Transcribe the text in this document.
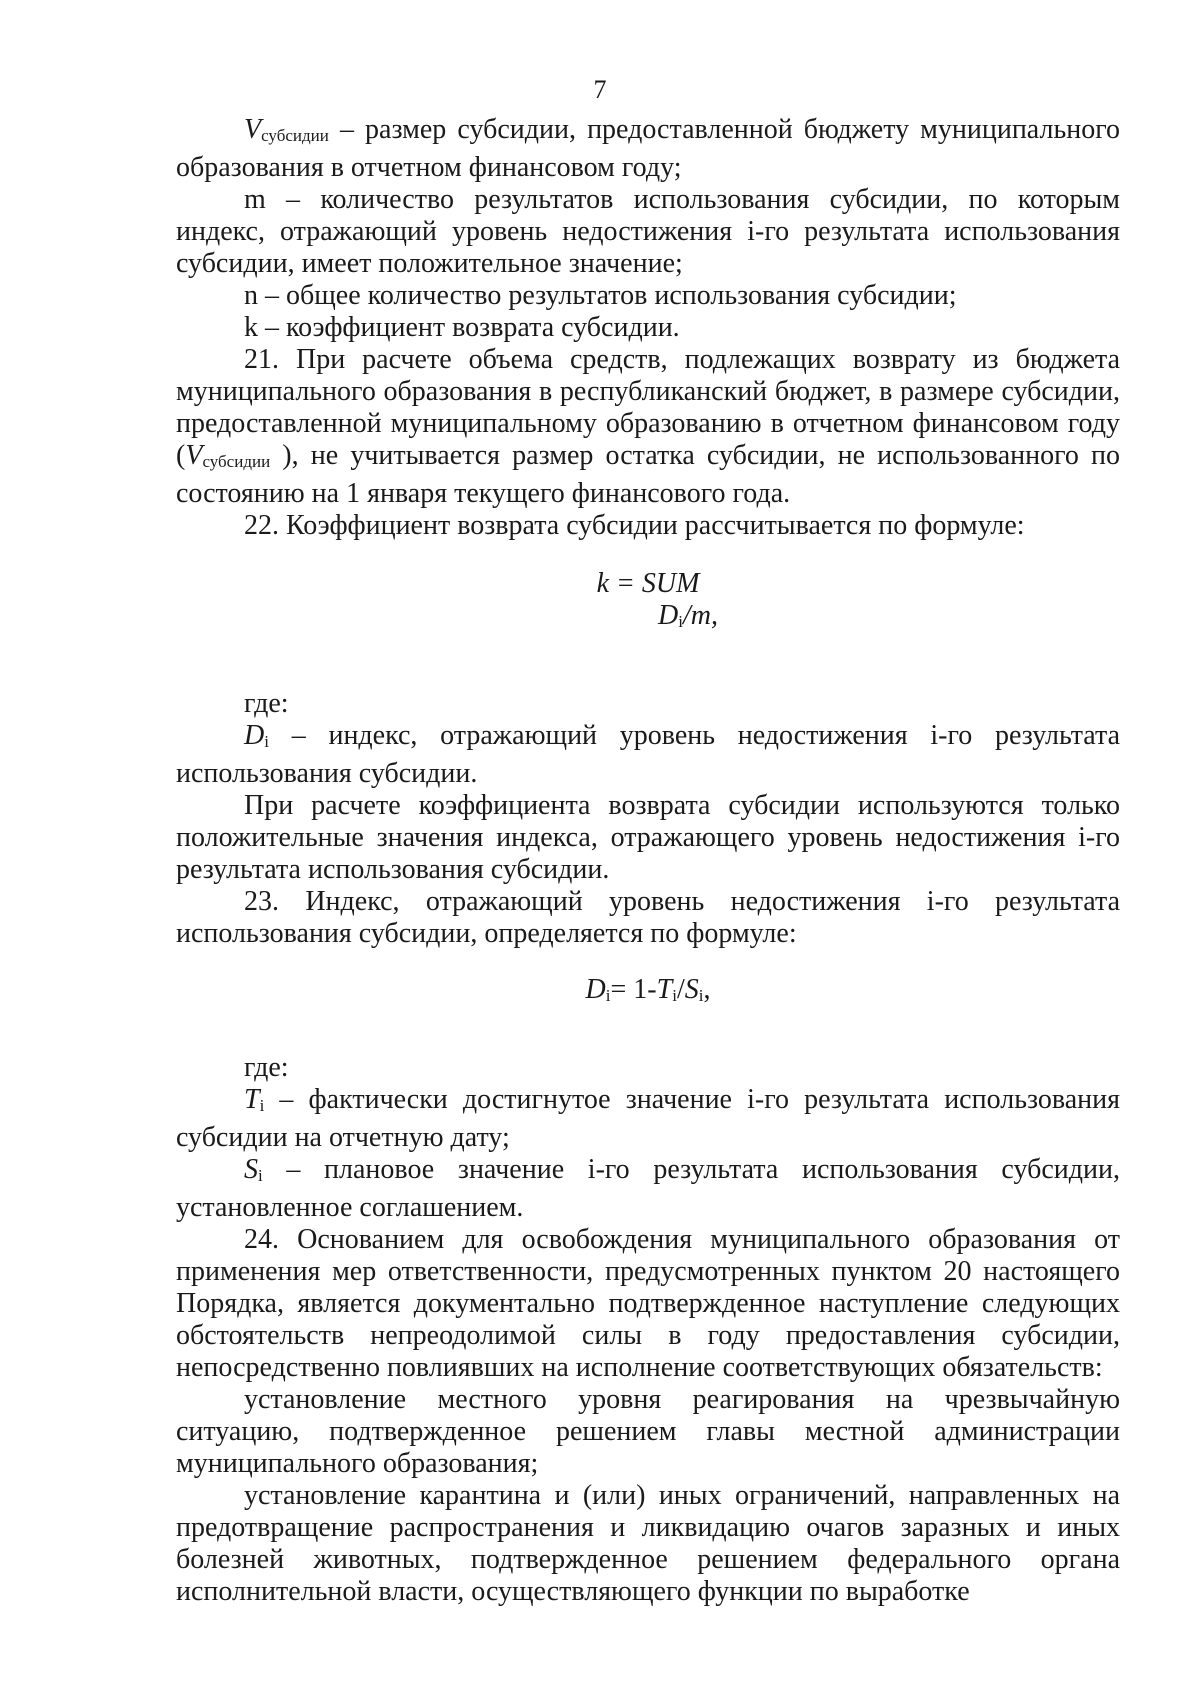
7

Vсубсидии – размер субсидии, предоставленной бюджету муниципального образования в отчетном финансовом году;

m – количество результатов использования субсидии, по которым индекс, отражающий уровень недостижения i-го результата использования субсидии, имеет положительное значение;

n – общее количество результатов использования субсидии;

k – коэффициент возврата субсидии.

21. При расчете объема средств, подлежащих возврату из бюджета муниципального образования в республиканский бюджет, в размере субсидии, предоставленной муниципальному образованию в отчетном финансовом году (Vсубсидии ), не учитывается размер остатка субсидии, не использованного по состоянию на 1 января текущего финансового года.

22. Коэффициент возврата субсидии рассчитывается по формуле:

k = SUM

Di/m,

где:

Di – индекс, отражающий уровень недостижения i-го результата использования субсидии.

При расчете коэффициента возврата субсидии используются только положительные значения индекса, отражающего уровень недостижения i-го результата использования субсидии.

23. Индекс, отражающий уровень недостижения i-го результата использования субсидии, определяется по формуле:

Di= 1-Ti/Si,

где:

Ti – фактически достигнутое значение i-го результата использования субсидии на отчетную дату;

Si – плановое значение i-го результата использования субсидии, установленное соглашением.

24. Основанием для освобождения муниципального образования от применения мер ответственности, предусмотренных пунктом 20 настоящего Порядка, является документально подтвержденное наступление следующих обстоятельств непреодолимой силы в году предоставления субсидии, непосредственно повлиявших на исполнение соответствующих обязательств:

установление местного уровня реагирования на чрезвычайную ситуацию, подтвержденное решением главы местной администрации муниципального образования;

установление карантина и (или) иных ограничений, направленных на предотвращение распространения и ликвидацию очагов заразных и иных болезней животных, подтвержденное решением федерального органа исполнительной власти, осуществляющего функции по выработке
